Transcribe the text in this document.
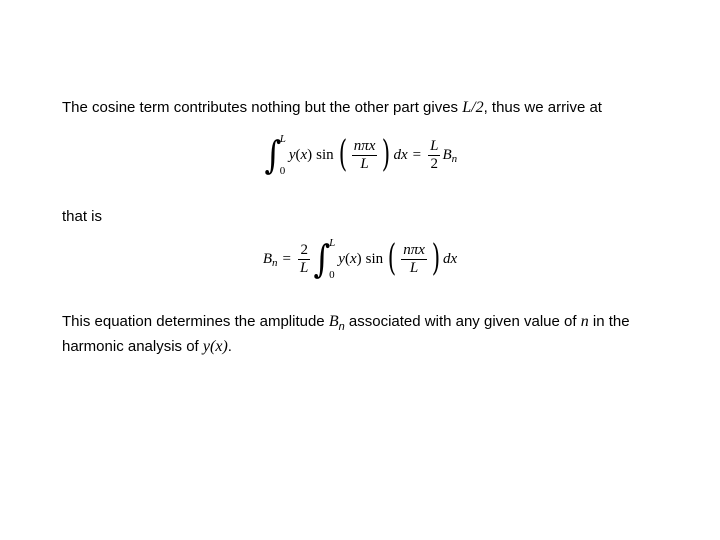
The cosine term contributes nothing but the other part gives L/2, thus we arrive at

∫
L
0
y ( x ) sin ( $\frac{\text{nπx}}{L}$ ) dx = $\frac{L}{2}$ B n

that is

B $n = \frac{2}{L}$ ∫
L
0
y ( x ) sin ( $\frac{\text{nπx}}{L}$ ) dx

This equation determines the amplitude $B_n$ associated with any given value of n in the harmonic analysis of y(x).
